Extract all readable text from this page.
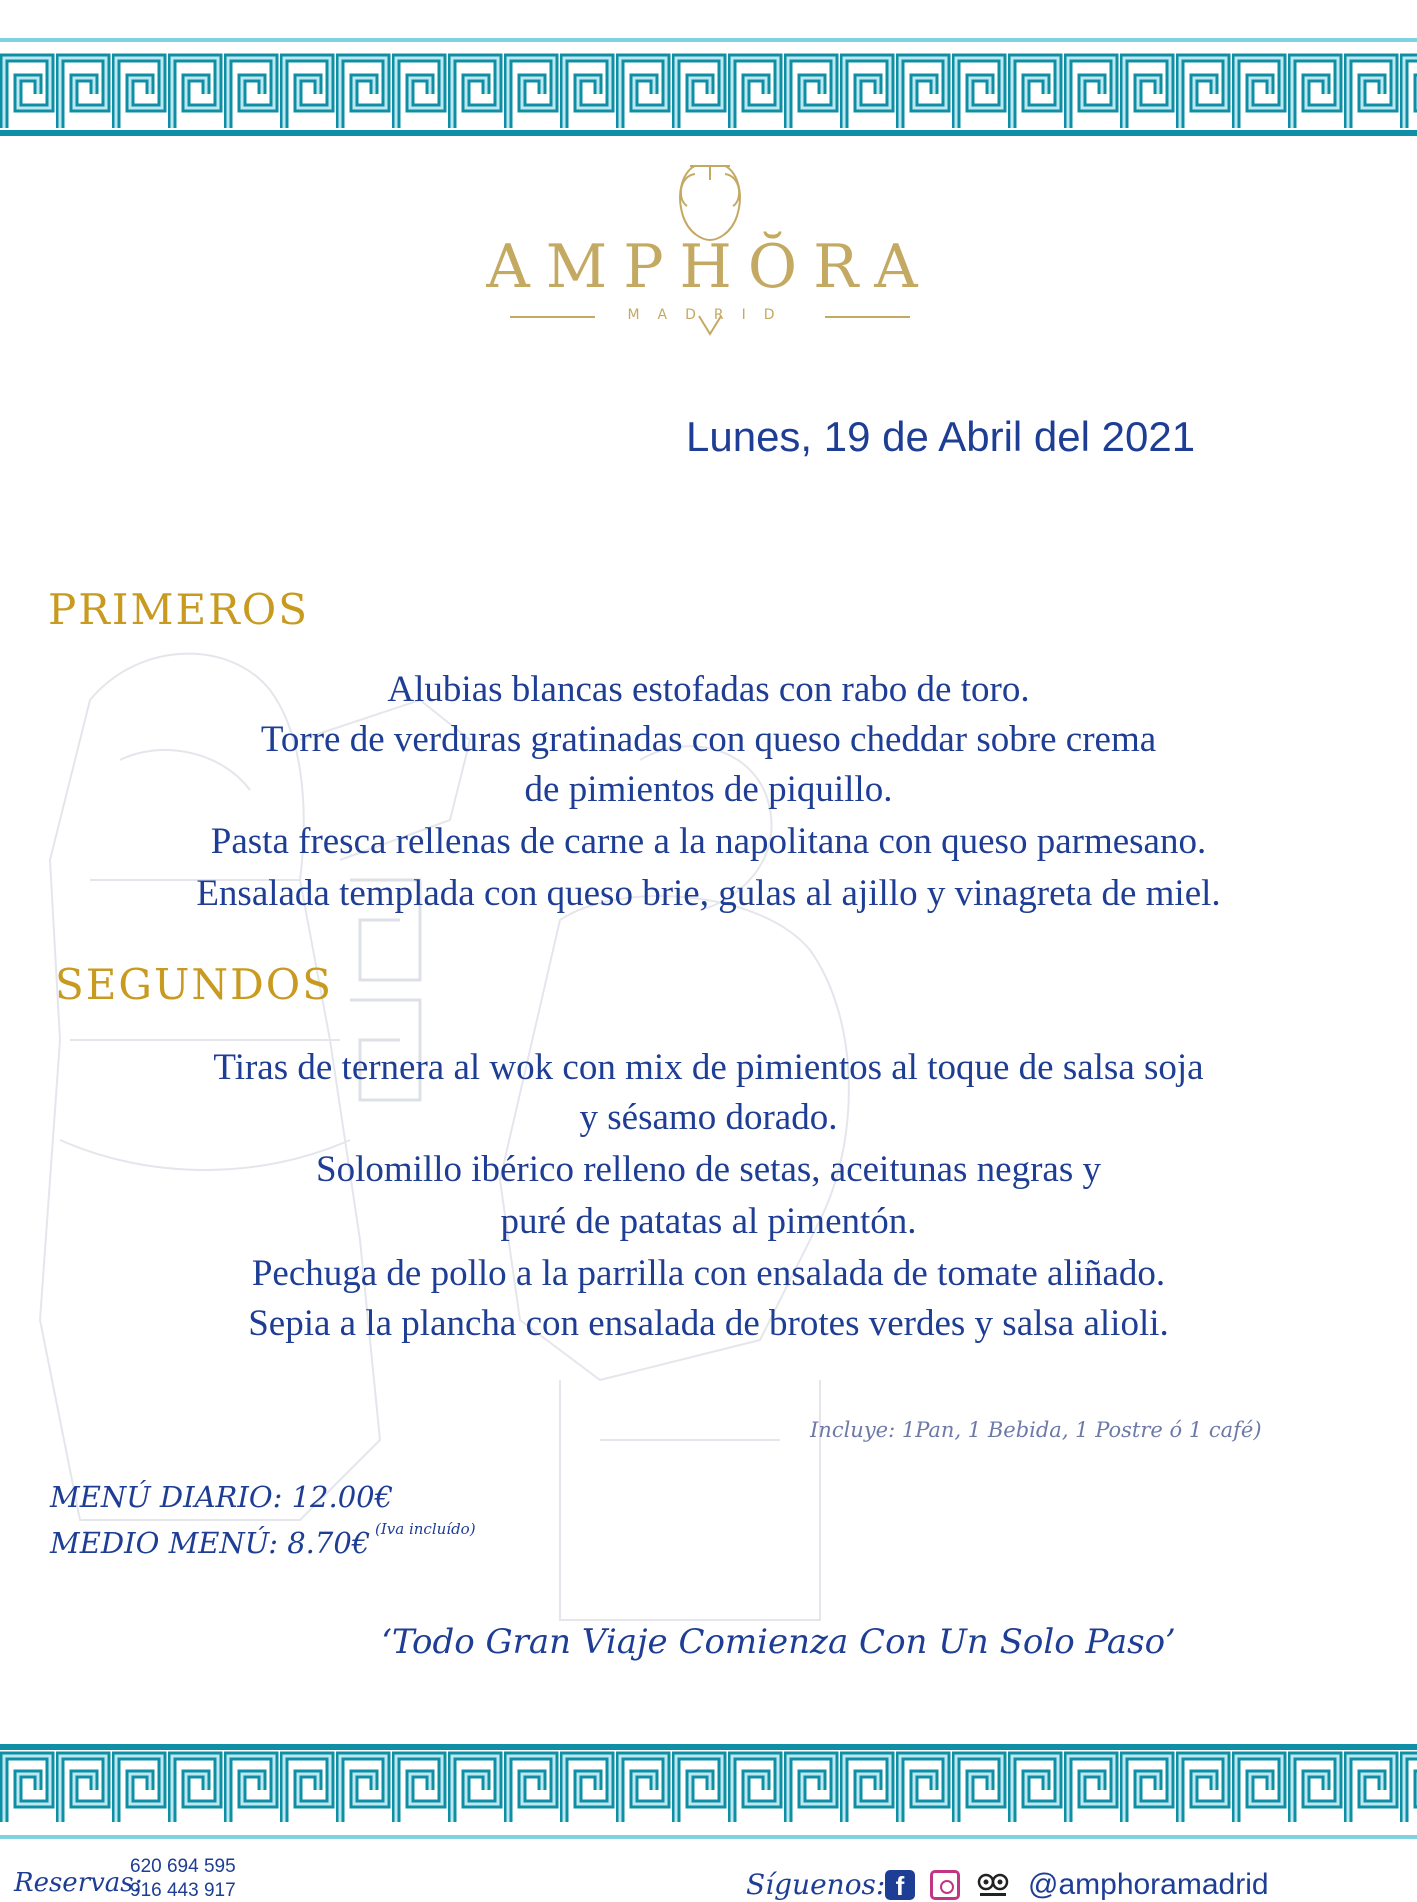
AMPHŎRA
MADRID
Lunes, 19 de Abril del 2021
PRIMEROS
Alubias blancas estofadas con rabo de toro.
Torre de verduras gratinadas con queso cheddar sobre crema
de pimientos de piquillo.
Pasta fresca rellenas de carne a la napolitana con queso parmesano.
Ensalada templada con queso brie, gulas al ajillo y vinagreta de miel.
SEGUNDOS
Tiras de ternera al wok con mix de pimientos al toque de salsa soja
y sésamo dorado.
Solomillo ibérico relleno de setas, aceitunas negras y
puré de patatas al pimentón.
Pechuga de pollo a la parrilla con ensalada de tomate aliñado.
Sepia a la plancha con ensalada de brotes verdes y salsa alioli.
Incluye: 1Pan, 1 Bebida, 1 Postre ó 1 café)
MENÚ DIARIO: 12.00€
MEDIO MENÚ: 8.70€ (Iva incluído)
‘Todo Gran Viaje Comienza Con Un Solo Paso’
Reservas:
620 694 595
916 443 917	Síguenos: f	@amphoramadrid
